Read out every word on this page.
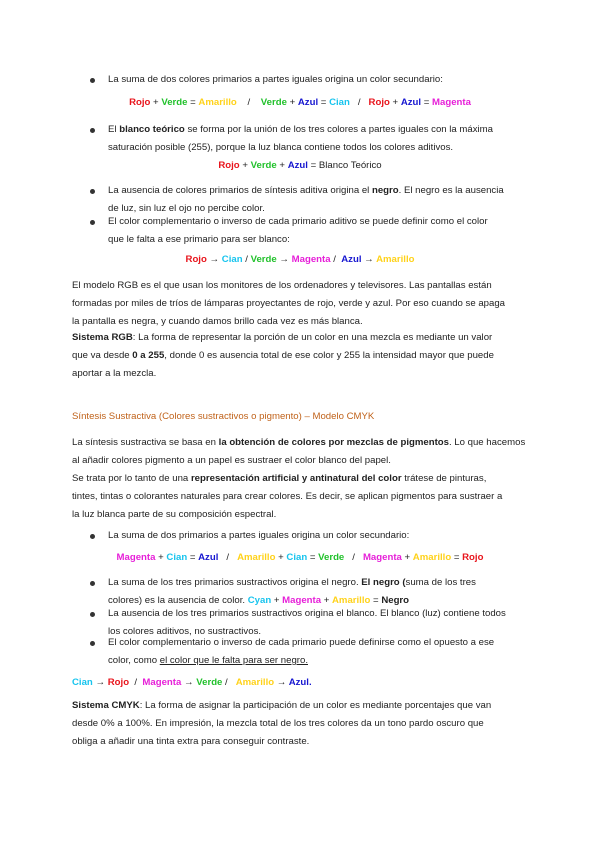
La suma de dos colores primarios a partes iguales origina un color secundario:
Rojo + Verde = Amarillo    /    Verde + Azul = Cian   /   Rojo + Azul = Magenta
El blanco teórico se forma por la unión de los tres colores a partes iguales con la máxima
saturación posible (255), porque la luz blanca contiene todos los colores aditivos.
Rojo + Verde + Azul = Blanco Teórico
La ausencia de colores primarios de síntesis aditiva origina el negro. El negro es la ausencia
de luz, sin luz el ojo no percibe color.
El color complementario o inverso de cada primario aditivo se puede definir como el color
que le falta a ese primario para ser blanco:
Rojo → Cian / Verde → Magenta /  Azul → Amarillo
El modelo RGB es el que usan los monitores de los ordenadores y televisores. Las pantallas están
formadas por miles de tríos de lámparas proyectantes de rojo, verde y azul. Por eso cuando se apaga
la pantalla es negra, y cuando damos brillo cada vez es más blanca.
Sistema RGB: La forma de representar la porción de un color en una mezcla es mediante un valor
que va desde 0 a 255, donde 0 es ausencia total de ese color y 255 la intensidad mayor que puede
aportar a la mezcla.
Síntesis Sustractiva (Colores sustractivos o pigmento) – Modelo CMYK
La síntesis sustractiva se basa en la obtención de colores por mezclas de pigmentos. Lo que hacemos
al añadir colores pigmento a un papel es sustraer el color blanco del papel.
Se trata por lo tanto de una representación artificial y antinatural del color trátese de pinturas,
tintes, tintas o colorantes naturales para crear colores. Es decir, se aplican pigmentos para sustraer a
la luz blanca parte de su composición espectral.
La suma de dos primarios a partes iguales origina un color secundario:
Magenta + Cian = Azul   /   Amarillo + Cian = Verde   /   Magenta + Amarillo = Rojo
La suma de los tres primarios sustractivos origina el negro. El negro (suma de los tres
colores) es la ausencia de color. Cyan + Magenta + Amarillo = Negro
La ausencia de los tres primarios sustractivos origina el blanco. El blanco (luz) contiene todos
los colores aditivos, no sustractivos.
El color complementario o inverso de cada primario puede definirse como el opuesto a ese
color, como el color que le falta para ser negro.
Cian → Rojo  /  Magenta → Verde /   Amarillo → Azul.
Sistema CMYK: La forma de asignar la participación de un color es mediante porcentajes que van
desde 0% a 100%. En impresión, la mezcla total de los tres colores da un tono pardo oscuro que
obliga a añadir una tinta extra para conseguir contraste.
